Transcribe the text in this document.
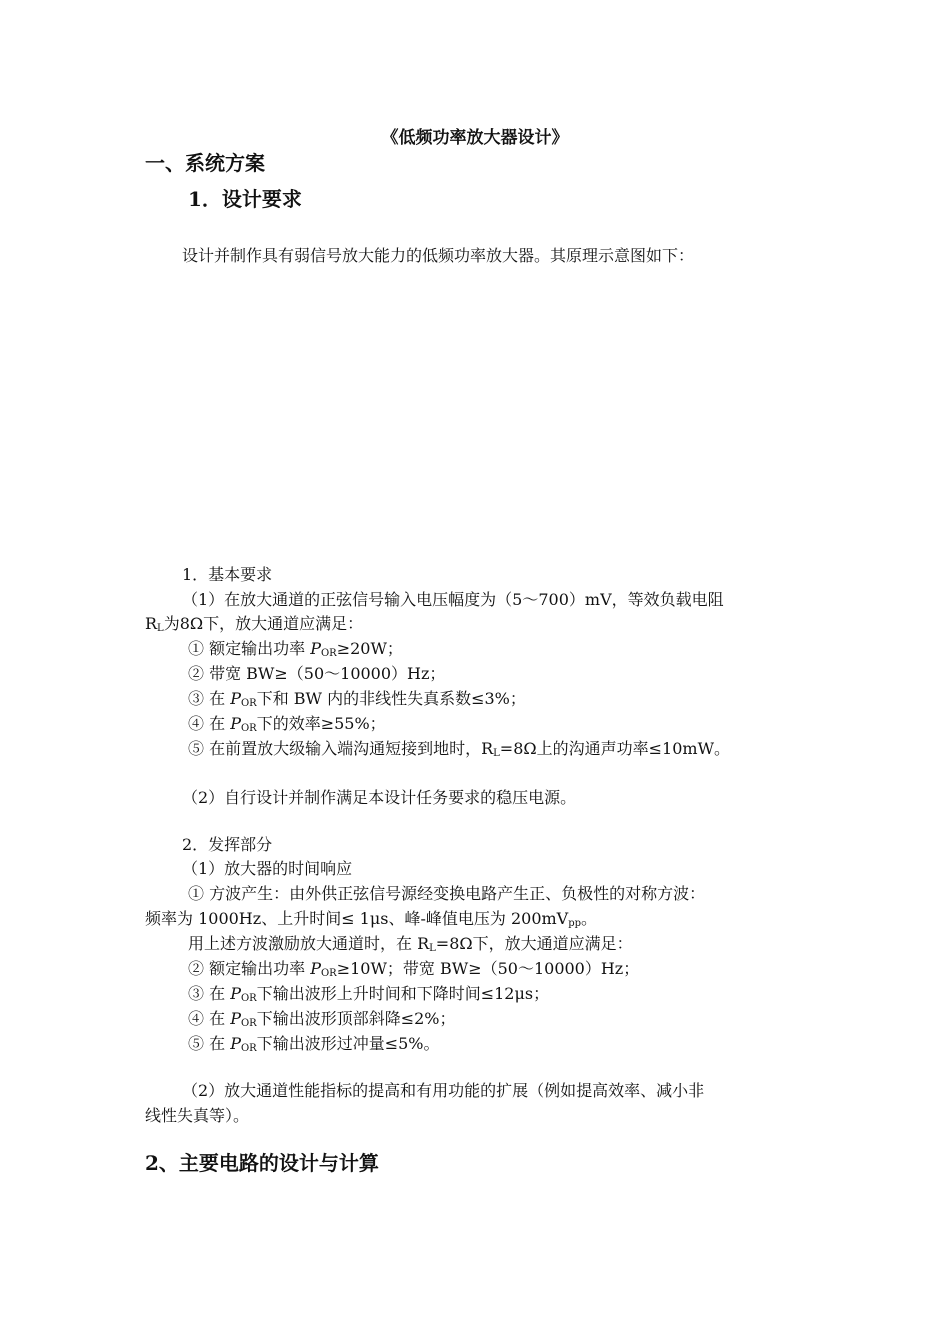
《低频功率放大器设计》
一、系统方案
1．设计要求
设计并制作具有弱信号放大能力的低频功率放大器。其原理示意图如下：
1．基本要求
（1）在放大通道的正弦信号输入电压幅度为（5～700）mV，等效负载电阻
$R_L$为8Ω下，放大通道应满足：
① 额定输出功率 $P_{OR}\ge 20W$；
② 带宽 BW≥（50～10000）Hz；
③ 在 $P_{OR}$下和 BW 内的非线性失真系数≤3%；
④ 在 $P_{OR}$下的效率≥55%；
⑤ 在前置放大级输入端沟通短接到地时，$R_L=8\Omega$上的沟通声功率≤10mW。
（2）自行设计并制作满足本设计任务要求的稳压电源。
2．发挥部分
（1）放大器的时间响应
① 方波产生：由外供正弦信号源经变换电路产生正、负极性的对称方波：
频率为 1000Hz、上升时间≤ 1μs、峰-峰值电压为 $200mV_{pp}$。
用上述方波激励放大通道时，在 $R_L=8\Omega$下，放大通道应满足：
② 额定输出功率 $P_{OR}\ge 10W$；带宽 BW≥（50～10000）Hz；
③ 在 $P_{OR}$下输出波形上升时间和下降时间≤12μs；
④ 在 $P_{OR}$下输出波形顶部斜降≤2%；
⑤ 在 $P_{OR}$下输出波形过冲量≤5%。
（2）放大通道性能指标的提高和有用功能的扩展（例如提高效率、减小非
线性失真等）。
2、主要电路的设计与计算
